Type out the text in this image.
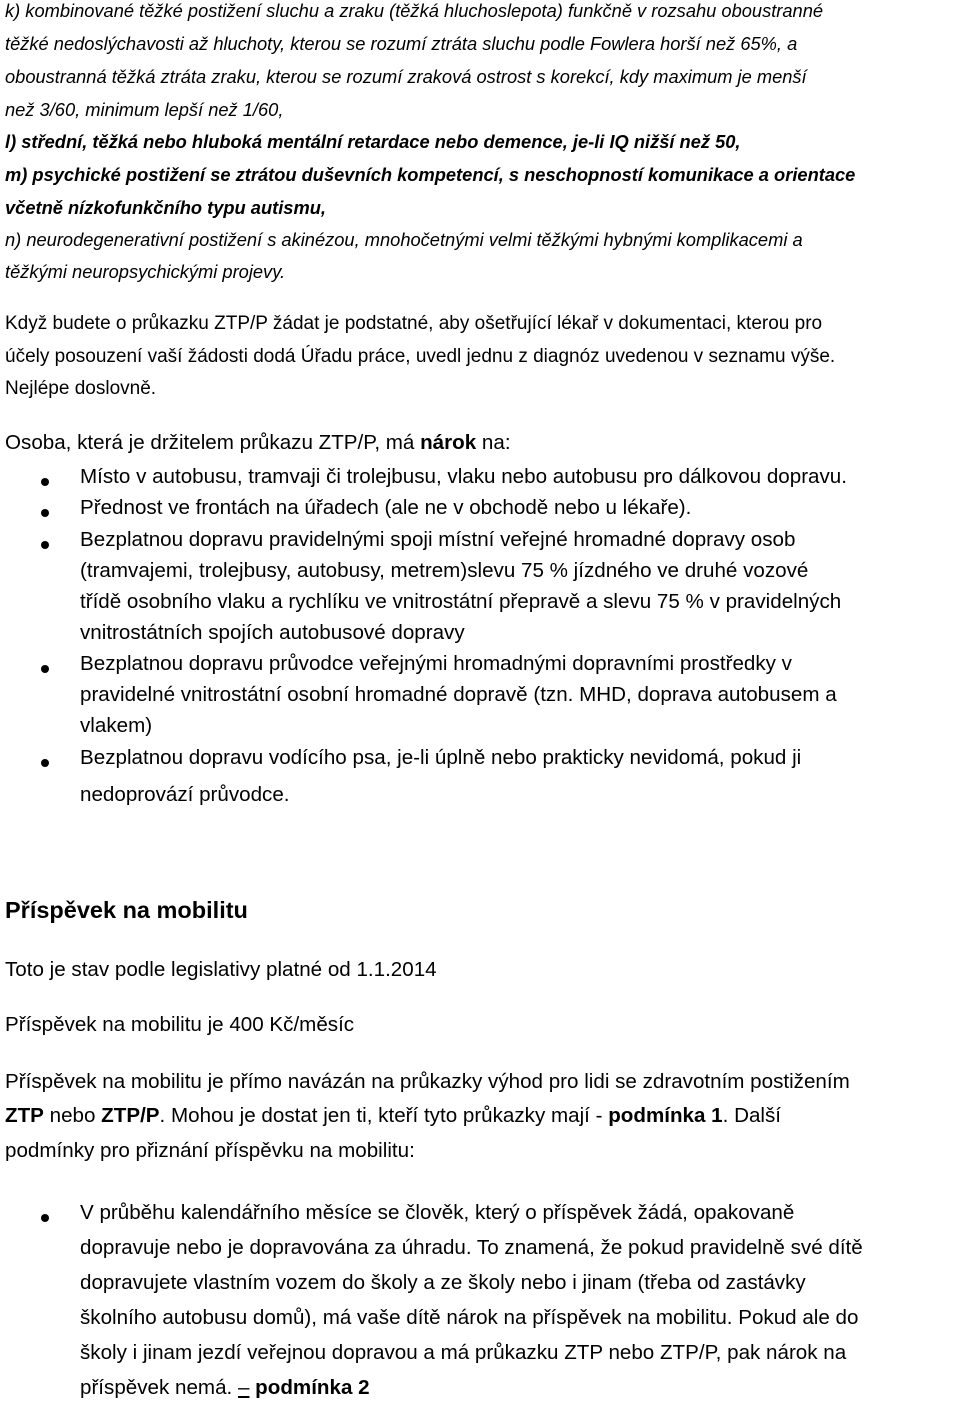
k) kombinované těžké postižení sluchu a zraku (těžká hluchoslepota) funkčně v rozsahu oboustranné
těžké nedoslýchavosti až hluchoty, kterou se rozumí ztráta sluchu podle Fowlera horší než 65%, a
oboustranná těžká ztráta zraku, kterou se rozumí zraková ostrost s korekcí, kdy maximum je menší
než 3/60, minimum lepší než 1/60,
l) střední, těžká nebo hluboká mentální retardace nebo demence, je-li IQ nižší než 50,
m) psychické postižení se ztrátou duševních kompetencí, s neschopností komunikace a orientace
včetně nízkofunkčního typu autismu,
n) neurodegenerativní postižení s akinézou, mnohočetnými velmi těžkými hybnými komplikacemi a
těžkými neuropsychickými projevy.
Když budete o průkazku ZTP/P žádat je podstatné, aby ošetřující lékař v dokumentaci, kterou pro
účely posouzení vaší žádosti dodá Úřadu práce, uvedl jednu z diagnóz uvedenou v seznamu výše.
Nejlépe doslovně.
Osoba, která je držitelem průkazu ZTP/P, má nárok na:
Místo v autobusu, tramvaji či trolejbusu, vlaku nebo autobusu pro dálkovou dopravu.
Přednost ve frontách na úřadech (ale ne v obchodě nebo u lékaře).
Bezplatnou dopravu pravidelnými spoji místní veřejné hromadné dopravy osob
(tramvajemi, trolejbusy, autobusy, metrem)slevu 75 % jízdného ve druhé vozové
třídě osobního vlaku a rychlíku ve vnitrostátní přepravě a slevu 75 % v pravidelných
vnitrostátních spojích autobusové dopravy
Bezplatnou dopravu průvodce veřejnými hromadnými dopravními prostředky v
pravidelné vnitrostátní osobní hromadné dopravě (tzn. MHD, doprava autobusem a
vlakem)
Bezplatnou dopravu vodícího psa, je-li úplně nebo prakticky nevidomá, pokud ji
nedoprovází průvodce.
Příspěvek na mobilitu
Toto je stav podle legislativy platné od 1.1.2014
Příspěvek na mobilitu je 400 Kč/měsíc
Příspěvek na mobilitu je přímo navázán na průkazky výhod pro lidi se zdravotním postižením
ZTP nebo ZTP/P. Mohou je dostat jen ti, kteří tyto průkazky mají - podmínka 1. Další
podmínky pro přiznání příspěvku na mobilitu:
V průběhu kalendářního měsíce se člověk, který o příspěvek žádá, opakovaně
dopravuje nebo je dopravována za úhradu. To znamená, že pokud pravidelně své dítě
dopravujete vlastním vozem do školy a ze školy nebo i jinam (třeba od zastávky
školního autobusu domů), má vaše dítě nárok na příspěvek na mobilitu. Pokud ale do
školy i jinam jezdí veřejnou dopravou a má průkazku ZTP nebo ZTP/P, pak nárok na
příspěvek nemá. – podmínka 2
